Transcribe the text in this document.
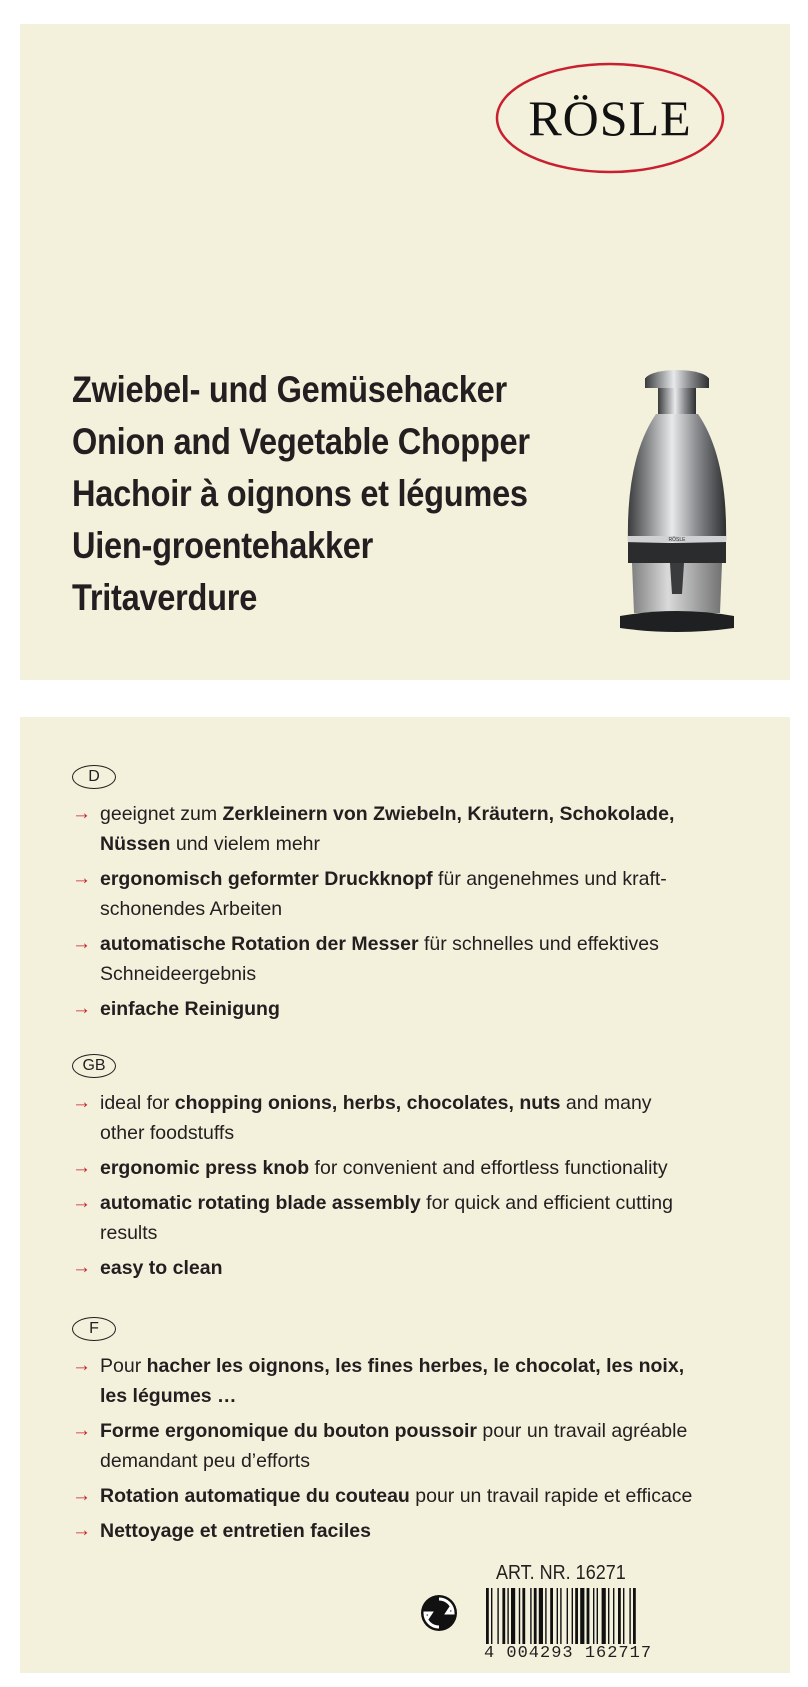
RÖSLE
Zwiebel- und Gemüsehacker
Onion and Vegetable Chopper
Hachoir à oignons et légumes
Uien-groentehakker
Tritaverdure
RÖSLE
D
→ geeignet zum Zerkleinern von Zwiebeln, Kräutern, Schokolade, Nüssen und vielem mehr
→ ergonomisch geformter Druckknopf für angenehmes und kraft-schonendes Arbeiten
→ automatische Rotation der Messer für schnelles und effektives Schneideergebnis
→ einfache Reinigung
GB
→ ideal for chopping onions, herbs, chocolates, nuts and many other foodstuffs
→ ergonomic press knob for convenient and effortless functionality
→ automatic rotating blade assembly for quick and efficient cutting results
→ easy to clean
F
→ Pour hacher les oignons, les fines herbes, le chocolat, les noix, les légumes …
→ Forme ergonomique du bouton poussoir pour un travail agréable demandant peu d’efforts
→ Rotation automatique du couteau pour un travail rapide et efficace
→ Nettoyage et entretien faciles
ART. NR. 16271
4 004293 162717
